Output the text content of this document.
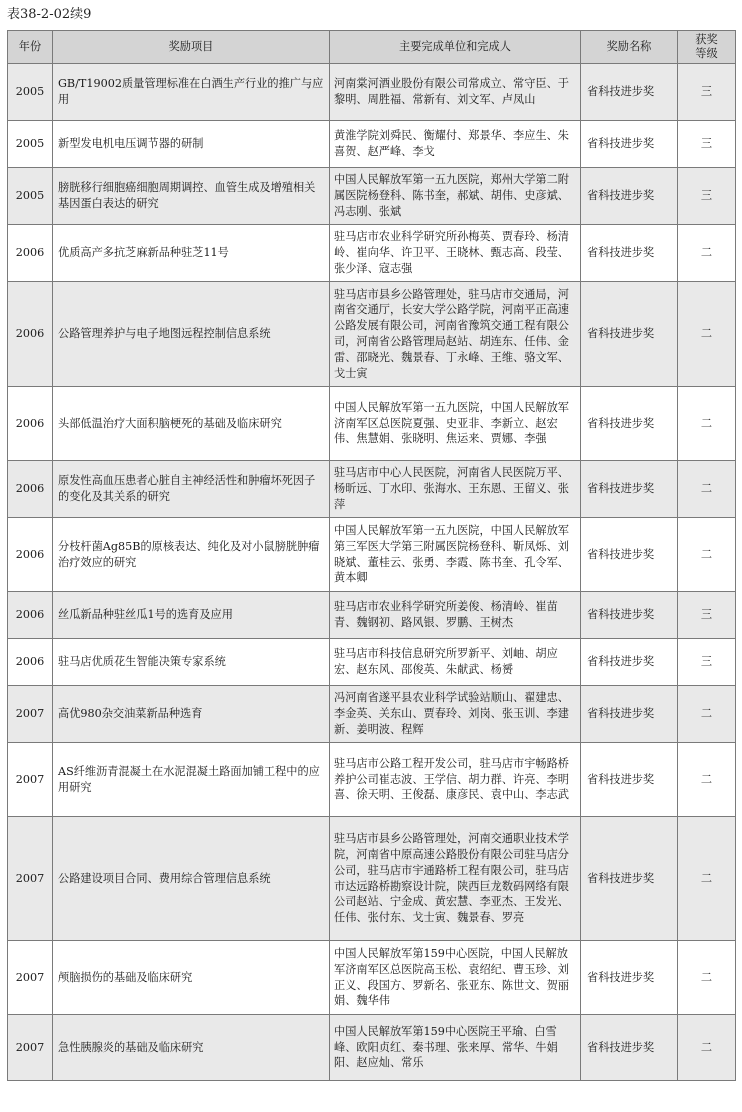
表38-2-02续9
年份	奖励项目	主要完成单位和完成人	奖励名称	获奖等级
2005	GB/T19002质量管理标准在白酒生产行业的推广与应用	河南棠河酒业股份有限公司常成立、常守臣、于黎明、周胜福、常新有、刘文军、卢凤山	省科技进步奖	三
2005	新型发电机电压调节器的研制	黄淮学院刘舜民、衡耀付、郑景华、李应生、朱喜贺、赵严峰、李戈	省科技进步奖	三
2005	膀胱移行细胞癌细胞周期调控、血管生成及增殖相关基因蛋白表达的研究	中国人民解放军第一五九医院，郑州大学第二附属医院杨登科、陈书奎，郝斌、胡伟、史彦斌、冯志刚、张斌	省科技进步奖	三
2006	优质高产多抗芝麻新品种驻芝11号	驻马店市农业科学研究所孙梅英、贾春玲、杨清岭、崔向华、许卫平、王晓林、甄志高、段莹、张少泽、寇志强	省科技进步奖	二
2006	公路管理养护与电子地图远程控制信息系统	驻马店市县乡公路管理处，驻马店市交通局，河南省交通厅，长安大学公路学院，河南平正高速公路发展有限公司，河南省豫筑交通工程有限公司，河南省公路管理局赵站、胡连东、任伟、金雷、邵晓光、魏景春、丁永峰、王维、骆文军、戈士寅	省科技进步奖	二
2006	头部低温治疗大面积脑梗死的基础及临床研究	中国人民解放军第一五九医院，中国人民解放军济南军区总医院夏强、史亚非、李新立、赵宏伟、焦慧娟、张晓明、焦运来、贾娜、李强	省科技进步奖	二
2006	原发性高血压患者心脏自主神经活性和肿瘤坏死因子的变化及其关系的研究	驻马店市中心人民医院，河南省人民医院万平、杨昕远、丁水印、张海水、王东恩、王留义、张萍	省科技进步奖	二
2006	分枝杆菌Ag85B的原核表达、纯化及对小鼠膀胱肿瘤治疗效应的研究	中国人民解放军第一五九医院，中国人民解放军第三军医大学第三附属医院杨登科、靳凤烁、刘晓斌、董桂云、张勇、李霞、陈书奎、孔令军、黄本卿	省科技进步奖	二
2006	丝瓜新品种驻丝瓜1号的选育及应用	驻马店市农业科学研究所姜俊、杨清岭、崔苗青、魏钢初、路风银、罗鹏、王树杰	省科技进步奖	三
2006	驻马店优质花生智能决策专家系统	驻马店市科技信息研究所罗新平、刘岫、胡应宏、赵东风、邵俊英、朱献武、杨赟	省科技进步奖	三
2007	高优980杂交油菜新品种选育	冯河南省遂平县农业科学试验站顺山、翟建忠、李金英、关东山、贾春玲、刘岗、张玉训、李建新、姜明波、程辉	省科技进步奖	二
2007	AS纤维沥青混凝土在水泥混凝土路面加铺工程中的应用研究	驻马店市公路工程开发公司，驻马店市宇畅路桥养护公司崔志波、王学信、胡力群、许亮、李明喜、徐天明、王俊磊、康彦民、袁中山、李志武	省科技进步奖	二
2007	公路建设项目合同、费用综合管理信息系统	驻马店市县乡公路管理处，河南交通职业技术学院，河南省中原高速公路股份有限公司驻马店分公司，驻马店市宇通路桥工程有限公司，驻马店市达远路桥勘察设计院，陕西巨龙数码网络有限公司赵站、宁金成、黄宏慧、李亚杰、王发光、任伟、张付东、戈士寅、魏景春、罗亮	省科技进步奖	二
2007	颅脑损伤的基础及临床研究	中国人民解放军第159中心医院，中国人民解放军济南军区总医院高玉松、袁绍纪、曹玉珍、刘正义、段国方、罗新名、张亚东、陈世文、贺丽娟、魏华伟	省科技进步奖	二
2007	急性胰腺炎的基础及临床研究	中国人民解放军第159中心医院王平瑜、白雪峰、欧阳贞红、秦书理、张来厚、常华、牛娟阳、赵应灿、常乐	省科技进步奖	二
